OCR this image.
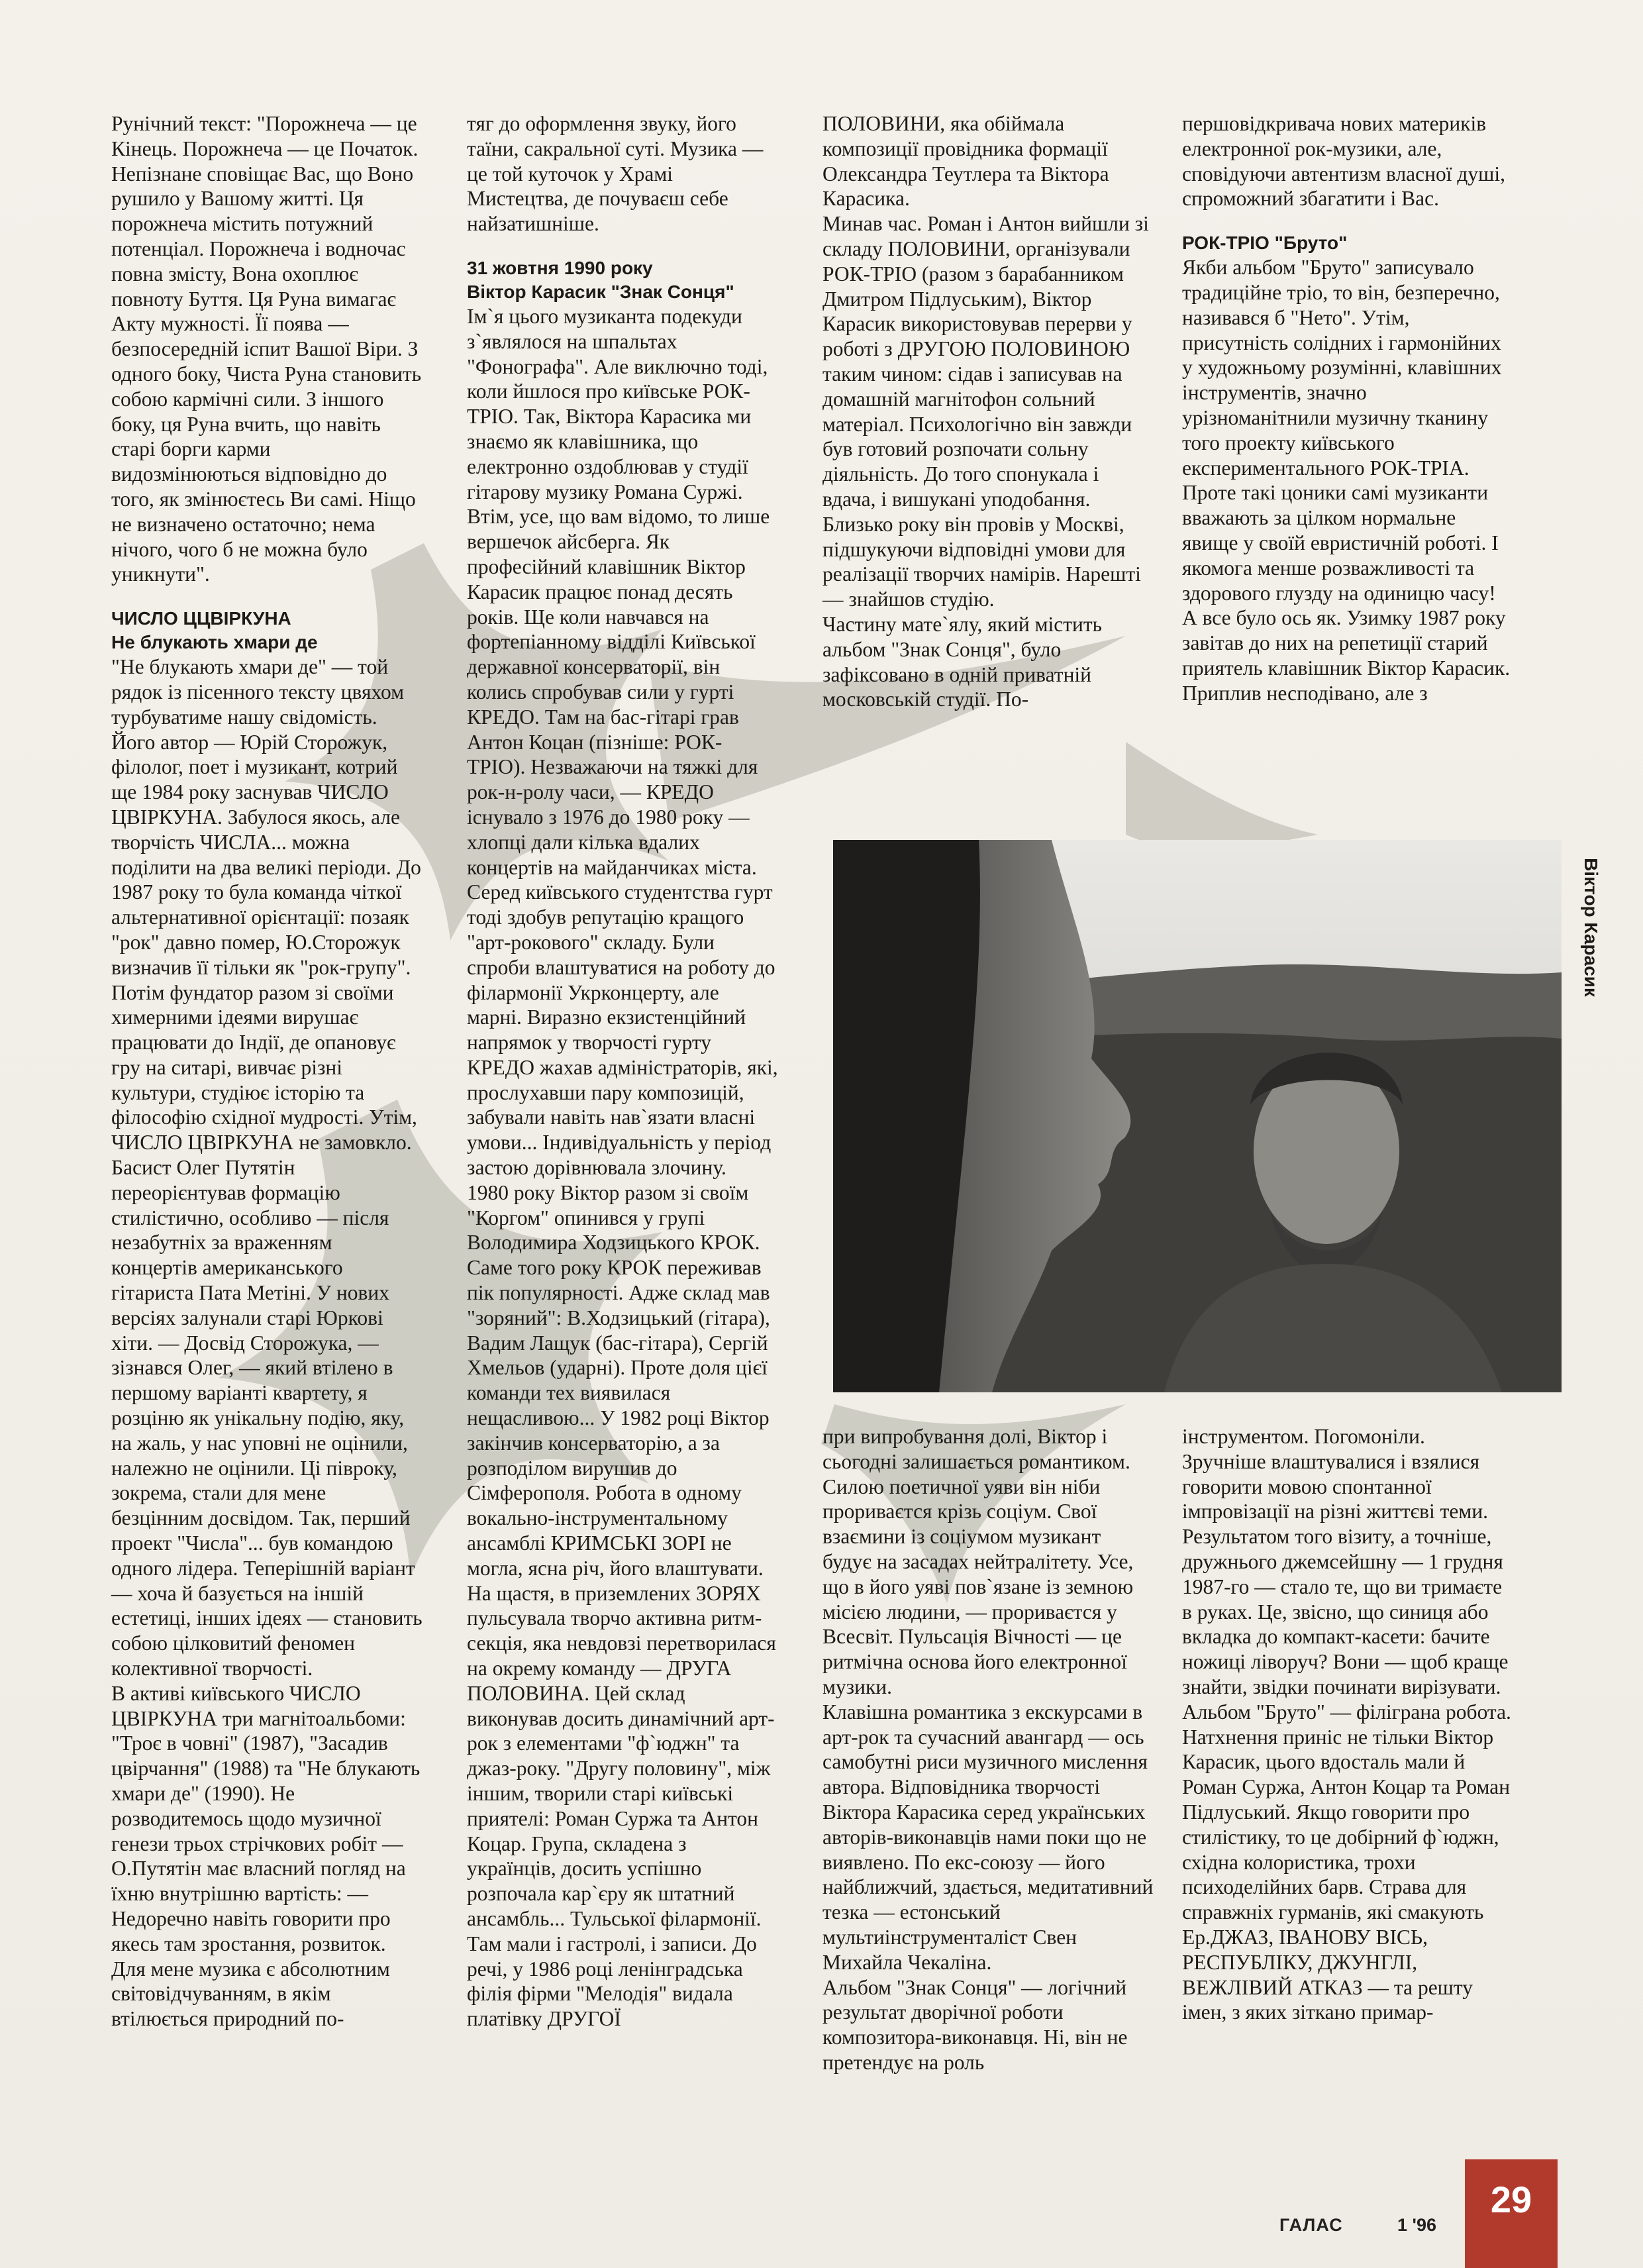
Рунічний текст: "Порожнеча — це Кінець. Порожнеча — це Початок. Непізнане сповіщає Вас, що Воно рушило у Вашому житті. Ця порожнеча містить потужний потенціал. Порожнеча і водночас повна змісту, Вона охоплює повноту Буття. Ця Руна вимагає Акту мужності. Її поява — безпосередній іспит Вашої Віри. З одного боку, Чиста Руна становить собою кармічні сили. З іншого боку, ця Руна вчить, що навіть старі борги карми видозмінюються відповідно до того, як змінюєтесь Ви самі. Ніщо не визначено остаточно; нема нічого, чого б не можна було уникнути".

ЧИСЛО ЦЦВІРКУНА

Не блукають хмари де

"Не блукають хмари де" — той рядок із пісенного тексту цвяхом турбуватиме нашу свідомість. Його автор — Юрій Сторожук, філолог, поет і музикант, котрий ще 1984 року заснував ЧИСЛО ЦВІРКУНА. Забулося якось, але творчість ЧИСЛА... можна поділити на два великі періоди. До 1987 року то була команда чіткої альтернативної орієнтації: позаяк "рок" давно помер, Ю.Сторожук визначив її тільки як "рок-групу". Потім фундатор разом зі своїми химерними ідеями вирушає працювати до Індії, де опановує гру на ситарі, вивчає різні культури, студіює історію та філософію східної мудрості. Утім, ЧИСЛО ЦВІРКУНА не замовкло. Басист Олег Путятін переорієнтував формацію стилістично, особливо — після незабутніх за враженням концертів американського гітариста Пата Метіні. У нових версіях залунали старі Юркові хіти. — Досвід Сторожука, — зізнався Олег, — який втілено в першому варіанті квартету, я розціню як унікальну подію, яку, на жаль, у нас уповні не оцінили, належно не оцінили. Ці півроку, зокрема, стали для мене безцінним досвідом. Так, перший проект "Числа"... був командою одного лідера. Теперішній варіант — хоча й базується на іншій естетиці, інших ідеях — становить собою цілковитий феномен колективної творчості.

В активі київського ЧИСЛО ЦВІРКУНА три магнітоальбоми: "Троє в човні" (1987), "Засадив цвірчання" (1988) та "Не блукають хмари де" (1990). Не розводитемось щодо музичної генези трьох стрічкових робіт — О.Путятін має власний погляд на їхню внутрішню вартість: — Недоречно навіть говорити про якесь там зростання, розвиток. Для мене музика є абсолютним світовідчуванням, в якім втілюється природний по-

тяг до оформлення звуку, його таїни, сакральної суті. Музика — це той куточок у Храмі Мистецтва, де почуваєш себе найзатишніше.

31 жовтня 1990 року

Віктор Карасик "Знак Сонця"

Ім`я цього музиканта подекуди з`являлося на шпальтах "Фонографа". Але виключно тоді, коли йшлося про київське РОК-ТРІО. Так, Віктора Карасика ми знаємо як клавішника, що електронно оздоблював у студії гітарову музику Романа Суржі. Втім, усе, що вам відомо, то лише вершечок айсберга. Як професійний клавішник Віктор Карасик працює понад десять років. Ще коли навчався на фортепіанному відділі Київської державної консерваторії, він колись спробував сили у гурті КРЕДО. Там на бас-гітарі грав Антон Коцан (пізніше: РОК-ТРІО). Незважаючи на тяжкі для рок-н-ролу часи, — КРЕДО існувало з 1976 до 1980 року — хлопці дали кілька вдалих концертів на майданчиках міста. Серед київського студентства гурт тоді здобув репутацію кращого "арт-рокового" складу. Були спроби влаштуватися на роботу до філармонії Укрконцерту, але марні. Виразно екзистенційний напрямок у творчості гурту КРЕДО жахав адміністраторів, які, прослухавши пару композицій, забували навіть нав`язати власні умови... Індивідуальність у період застою дорівнювала злочину.

1980 року Віктор разом зі своїм "Коргом" опинився у групі Володимира Ходзицького КРОК. Саме того року КРОК переживав пік популярності. Адже склад мав "зоряний": В.Ходзицький (гітара), Вадим Лащук (бас-гітара), Сергій Хмельов (ударні). Проте доля цієї команди тех виявилася нещасливою... У 1982 році Віктор закінчив консерваторію, а за розподілом вирушив до Сімферополя. Робота в одному вокально-інструментальному ансамблі КРИМСЬКІ ЗОРІ не могла, ясна річ, його влаштувати. На щастя, в приземлених ЗОРЯХ пульсувала творчо активна ритм-секція, яка невдовзі перетворилася на окрему команду — ДРУГА ПОЛОВИНА. Цей склад виконував досить динамічний арт-рок з елементами "ф`юджн" та джаз-року. "Другу половину", між іншим, творили старі київські приятелі: Роман Суржа та Антон Коцар. Група, складена з українців, досить успішно розпочала кар`єру як штатний ансамбль... Тульської філармонії. Там мали і гастролі, і записи. До речі, у 1986 році ленінградська філія фірми "Мелодія" видала платівку ДРУГОЇ

ПОЛОВИНИ, яка обіймала композиції провідника формації Олександра Теутлера та Віктора Карасика.

Минав час. Роман і Антон вийшли зі складу ПОЛОВИНИ, організували РОК-ТРІО (разом з барабанником Дмитром Підлуським), Віктор Карасик використовував перерви у роботі з ДРУГОЮ ПОЛОВИНОЮ таким чином: сідав і записував на домашній магнітофон сольний матеріал. Психологічно він завжди був готовий розпочати сольну діяльність. До того спонукала і вдача, і вишукані уподобання. Близько року він провів у Москві, підшукуючи відповідні умови для реалізації творчих намірів. Нарешті — знайшов студію.

Частину мате`ялу, який містить альбом "Знак Сонця", було зафіксовано в одній приватній московській студії. По-

першовідкривача нових материків електронної рок-музики, але, сповідуючи автентизм власної душі, спроможний збагатити і Вас.

РОК-ТРІО "Бруто"

Якби альбом "Бруто" записувало традиційне тріо, то він, безперечно, називався б "Нето". Утім, присутність солідних і гармонійних у художньому розумінні, клавішних інструментів, значно урізноманітнили музичну тканину того проекту київського експериментального РОК-ТРІА. Проте такі цоники самі музиканти вважають за цілком нормальне явище у своїй евристичній роботі. І якомога менше розважливості та здорового глузду на одиницю часу! А все було ось як. Узимку 1987 року завітав до них на репетиції старий приятель клавішник Віктор Карасик. Приплив несподівано, але з

Віктор Карасик

при випробування долі, Віктор і сьогодні залишається романтиком. Силою поетичної уяви він ніби прориваєтся крізь соціум. Свої взаємини із соціумом музикант будує на засадах нейтралітету. Усе, що в його уяві пов`язане із земною місією людини, — прориваєтся у Всесвіт. Пульсація Вічності — це ритмічна основа його електронної музики.

Клавішна романтика з екскурсами в арт-рок та сучасний авангард — ось самобутні риси музичного мислення автора. Відповідника творчості Віктора Карасика серед українських авторів-виконавців нами поки що не виявлено. По екс-союзу — його найближчий, здається, медитативний тезка — естонський мультиінструменталіст Свен Михайла Чекаліна.

Альбом "Знак Сонця" — логічний результат дворічної роботи композитора-виконавця. Ні, він не претендує на роль

інструментом. Погомоніли. Зручніше влаштувалися і взялися говорити мовою спонтанної імпровізації на різні життєві теми. Результатом того візиту, а точніше, дружнього джемсейшну — 1 грудня 1987-го — стало те, що ви тримаєте в руках. Це, звісно, що синиця або вкладка до компакт-касети: бачите ножиці ліворуч? Вони — щоб краще знайти, звідки починати вирізувати.

Альбом "Бруто" — філіграна робота. Натхнення приніс не тільки Віктор Карасик, цього вдосталь мали й Роман Суржа, Антон Коцар та Роман Підлуський. Якщо говорити про стилістику, то це добірний ф`юджн, східна колористика, трохи психоделійних барв. Страва для справжніх гурманів, які смакують Ер.ДЖАЗ, ІВАНОВУ ВІСЬ, РЕСПУБЛІКУ, ДЖУНГЛІ, ВЕЖЛІВИЙ АТКАЗ — та решту імен, з яких зіткано примар-

ГАЛАС	1 '96
29
